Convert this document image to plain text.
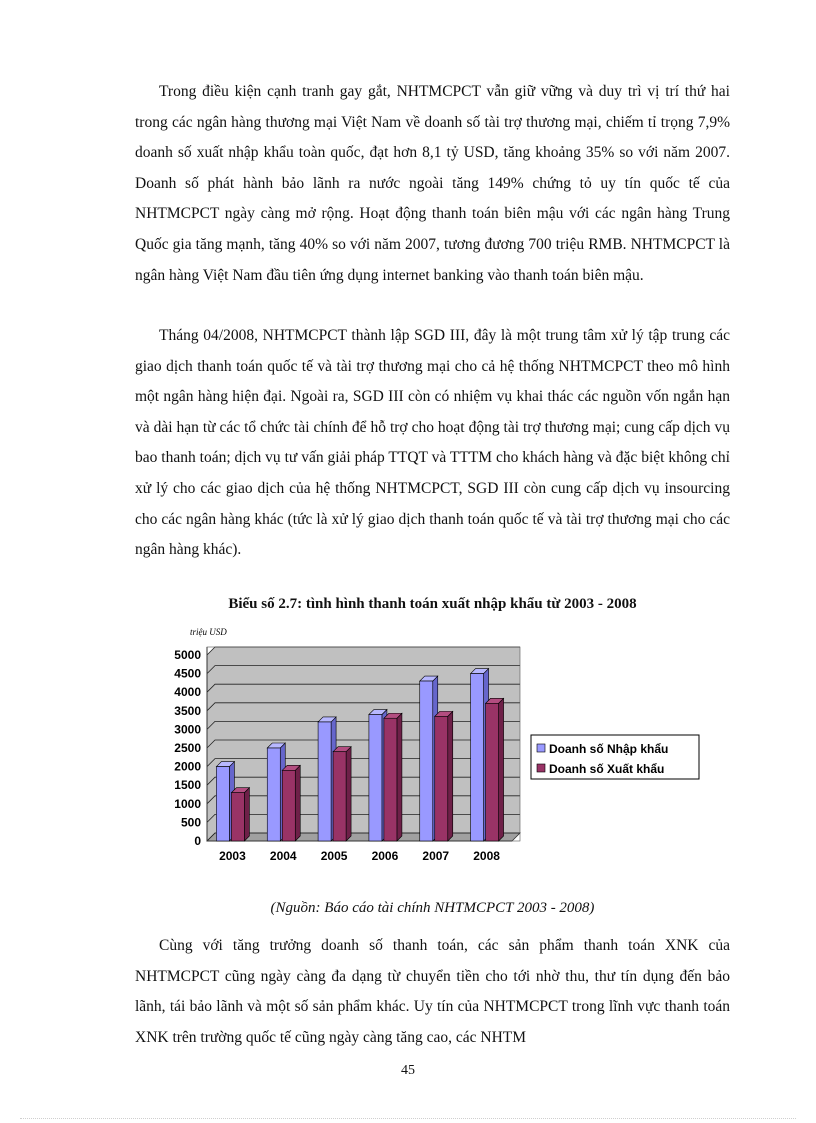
Trong điều kiện cạnh tranh gay gắt, NHTMCPCT vẫn giữ vững và duy trì vị trí thứ hai trong các ngân hàng thương mại Việt Nam về doanh số tài trợ thương mại, chiếm tỉ trọng 7,9% doanh số xuất nhập khẩu toàn quốc, đạt hơn 8,1 tỷ USD, tăng khoảng 35% so với năm 2007. Doanh số phát hành bảo lãnh ra nước ngoài tăng 149% chứng tỏ uy tín quốc tế của NHTMCPCT ngày càng mở rộng. Hoạt động thanh toán biên mậu với các ngân hàng Trung Quốc gia tăng mạnh, tăng 40% so với năm 2007, tương đương 700 triệu RMB. NHTMCPCT là ngân hàng Việt Nam đầu tiên ứng dụng internet banking vào thanh toán biên mậu.

Tháng 04/2008, NHTMCPCT thành lập SGD III, đây là một trung tâm xử lý tập trung các giao dịch thanh toán quốc tế và tài trợ thương mại cho cả hệ thống NHTMCPCT theo mô hình một ngân hàng hiện đại. Ngoài ra, SGD III còn có nhiệm vụ khai thác các nguồn vốn ngắn hạn và dài hạn từ các tổ chức tài chính để hỗ trợ cho hoạt động tài trợ thương mại; cung cấp dịch vụ bao thanh toán; dịch vụ tư vấn giải pháp TTQT và TTTM cho khách hàng và đặc biệt không chỉ xử lý cho các giao dịch của hệ thống NHTMCPCT, SGD III còn cung cấp dịch vụ insourcing cho các ngân hàng khác (tức là xử lý giao dịch thanh toán quốc tế và tài trợ thương mại cho các ngân hàng khác).

Biểu số 2.7: tình hình thanh toán xuất nhập khẩu từ 2003 - 2008

0
500
1000
1500
2000
2500
3000
3500
4000
4500
5000
triệu USD
2003 2004 2005 2006 2007 2008
Doanh số Nhập khẩu
Doanh số Xuất khẩu

(Nguồn: Báo cáo tài chính NHTMCPCT 2003 - 2008)

Cùng với tăng trưởng doanh số thanh toán, các sản phẩm thanh toán XNK của NHTMCPCT cũng ngày càng đa dạng từ chuyển tiền cho tới nhờ thu, thư tín dụng đến bảo lãnh, tái bảo lãnh và một số sản phẩm khác. Uy tín của NHTMCPCT trong lĩnh vực thanh toán XNK trên trường quốc tế cũng ngày càng tăng cao, các NHTM

45
